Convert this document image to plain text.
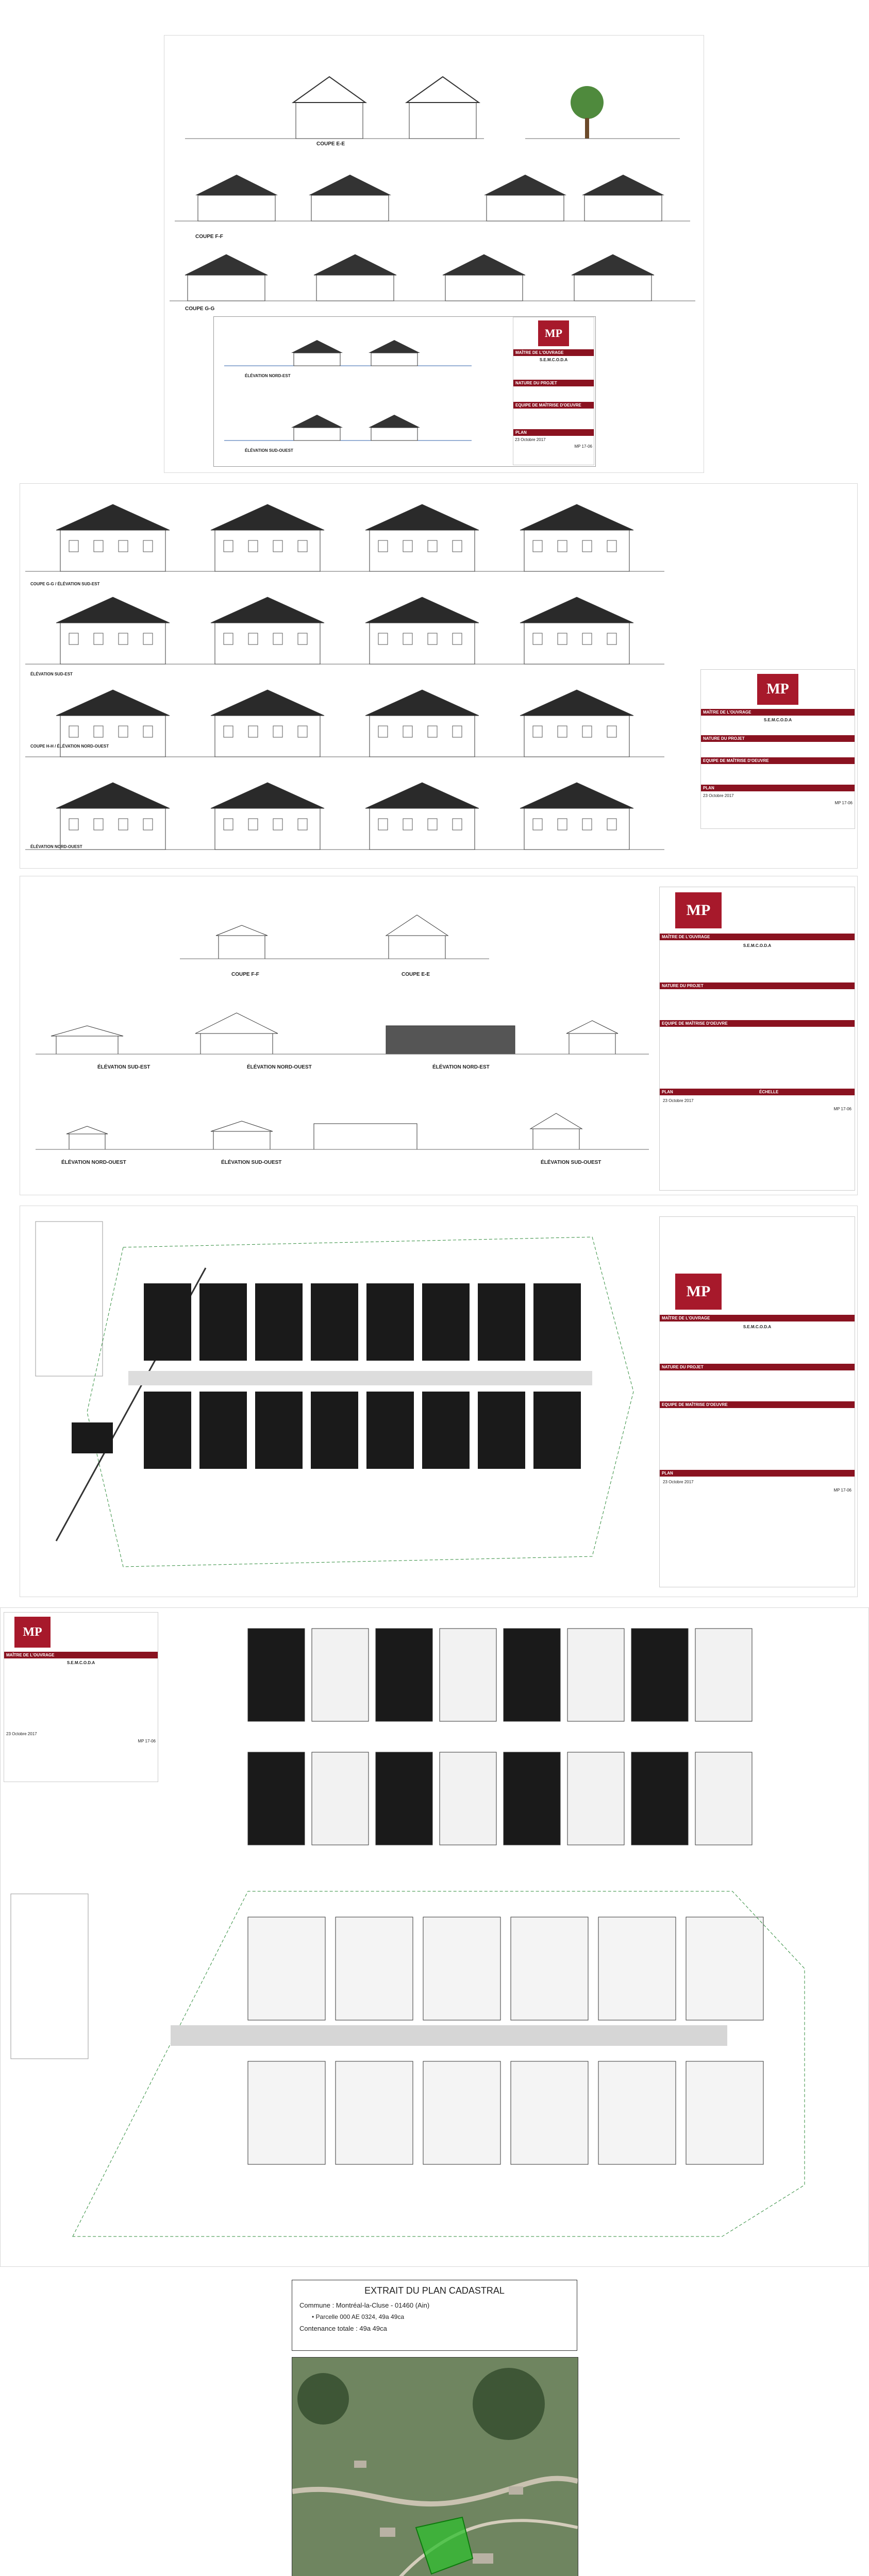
COUPE E-E
COUPE F-F
COUPE G-G
ÉLÉVATION NORD-EST
ÉLÉVATION SUD-OUEST
MP
MAÎTRE DE L'OUVRAGE
S.E.M.C.O.D.A
NATURE DU PROJET
EQUIPE DE MAÎTRISE D'OEUVRE
PLAN
23 Octobre 2017
MP 17-06
COUPE G-G / ÉLÉVATION SUD-EST
ÉLÉVATION SUD-EST
COUPE H-H / ÉLÉVATION NORD-OUEST
ÉLÉVATION NORD-OUEST
MP
MAÎTRE DE L'OUVRAGE
S.E.M.C.O.D.A
NATURE DU PROJET
EQUIPE DE MAÎTRISE D'OEUVRE
PLAN
23 Octobre 2017
MP 17-06
COUPE F-F	COUPE E-E
ÉLÉVATION SUD-EST	ÉLÉVATION NORD-OUEST	ÉLÉVATION NORD-EST
ÉLÉVATION NORD-OUEST	ÉLÉVATION SUD-OUEST	ÉLÉVATION SUD-OUEST
MP
MAÎTRE DE L'OUVRAGE
S.E.M.C.O.D.A
NATURE DU PROJET
EQUIPE DE MAÎTRISE D'OEUVRE
PLAN	ÉCHELLE
23 Octobre 2017
MP 17-06
MP
MAÎTRE DE L'OUVRAGE
S.E.M.C.O.D.A
NATURE DU PROJET
EQUIPE DE MAÎTRISE D'OEUVRE
PLAN
23 Octobre 2017
MP 17-06
MP
MAÎTRE DE L'OUVRAGE
S.E.M.C.O.D.A
23 Octobre 2017
MP 17-06
EXTRAIT DU PLAN CADASTRAL
Commune : Montréal-la-Cluse - 01460 (Ain)
• Parcelle 000 AE 0324, 49a 49ca
Contenance totale : 49a 49ca
